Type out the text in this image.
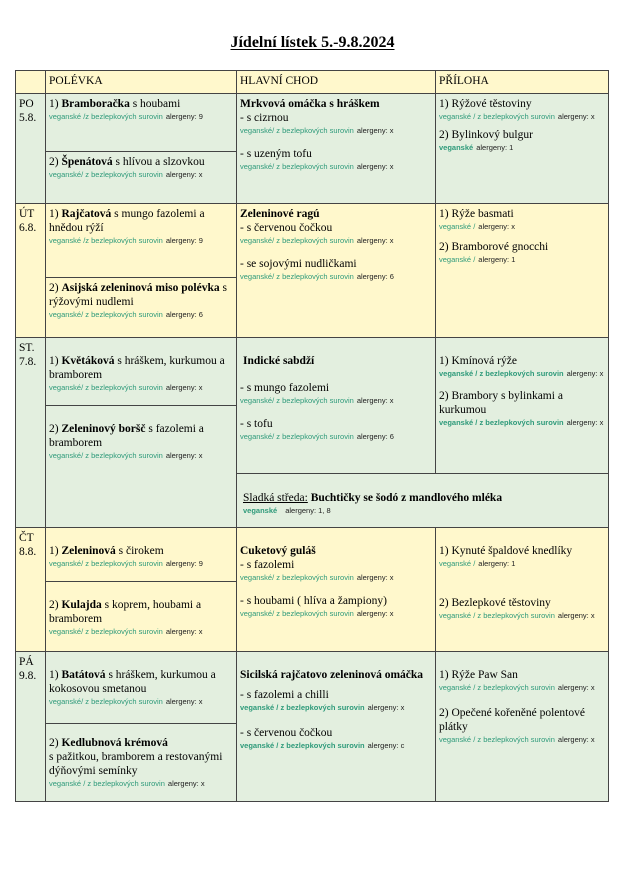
Jídelní lístek 5.-9.8.2024
	POLÉVKA	HLAVNÍ CHOD	PŘÍLOHA
PO
5.8.	1) Bramboračka s houbami
veganské /z bezlepkových surovin alergeny: 9	Mrkvová omáčka s hráškem
- s cizrnou
veganské/ z bezlepkových surovin alergeny: x
- s uzeným tofu
veganské/ z bezlepkových surovin alergeny: x	1) Rýžové těstoviny
veganské / z bezlepkových surovin alergeny: x
2) Bylinkový bulgur
veganské alergeny: 1

	2) Špenátová s hlívou a slzovkou
veganské/ z bezlepkových surovin alergeny: x		

ÚT
6.8.	1) Rajčatová s mungo fazolemi a hnědou rýží
veganské /z bezlepkových surovin alergeny: 9	Zeleninové ragú
- s červenou čočkou
veganské/ z bezlepkových surovin alergeny: x
- se sojovými nudličkami
veganské/ z bezlepkových surovin alergeny: 6	1) Rýže basmati
veganské / alergeny: x
2) Bramborové gnocchi
veganské / alergeny: 1

	2) Asijská zeleninová miso polévka s rýžovými nudlemi
veganské/ z bezlepkových surovin alergeny: 6		

ST.
7.8.	1) Květáková s hráškem, kurkumou a bramborem
veganské/ z bezlepkových surovin alergeny: x	Indické sabdží
- s mungo fazolemi
veganské/ z bezlepkových surovin alergeny: x
- s tofu
veganské/ z bezlepkových surovin alergeny: 6	1) Kmínová rýže
veganské / z bezlepkových surovin alergeny: x
2) Brambory s bylinkami a kurkumou
veganské / z bezlepkových surovin alergeny: x

	2) Zeleninový boršč s fazolemi a bramborem
veganské/ z bezlepkových surovin alergeny: x		

		Sladká středa: Buchtičky se šodó z mandlového mléka
veganské alergeny: 1, 8	

ČT
8.8.	1) Zeleninová s čirokem
veganské/ z bezlepkových surovin alergeny: 9	Cuketový guláš
- s fazolemi
veganské/ z bezlepkových surovin alergeny: x
- s houbami ( hlíva a žampiony)
veganské/ z bezlepkových surovin alergeny: x	1) Kynuté špaldové knedlíky
veganské / alergeny: 1
2) Bezlepkové těstoviny
veganské / z bezlepkových surovin alergeny: x

	2) Kulajda s koprem, houbami a bramborem
veganské/ z bezlepkových surovin alergeny: x		

PÁ
9.8.	1) Batátová s hráškem, kurkumou a kokosovou smetanou
veganské/ z bezlepkových surovin alergeny: x	Sicilská rajčatovo zeleninová omáčka
- s fazolemi a chilli
veganské / z bezlepkových surovin alergeny: x
- s červenou čočkou
veganské / z bezlepkových surovin alergeny: c	1) Rýže Paw San
veganské / z bezlepkových surovin alergeny: x
2) Opečené kořeněné polentové plátky
veganské / z bezlepkových surovin alergeny: x

	2) Kedlubnová krémová
s pažitkou, bramborem a restovanými dýňovými semínky
veganské / z bezlepkových surovin alergeny: x		
